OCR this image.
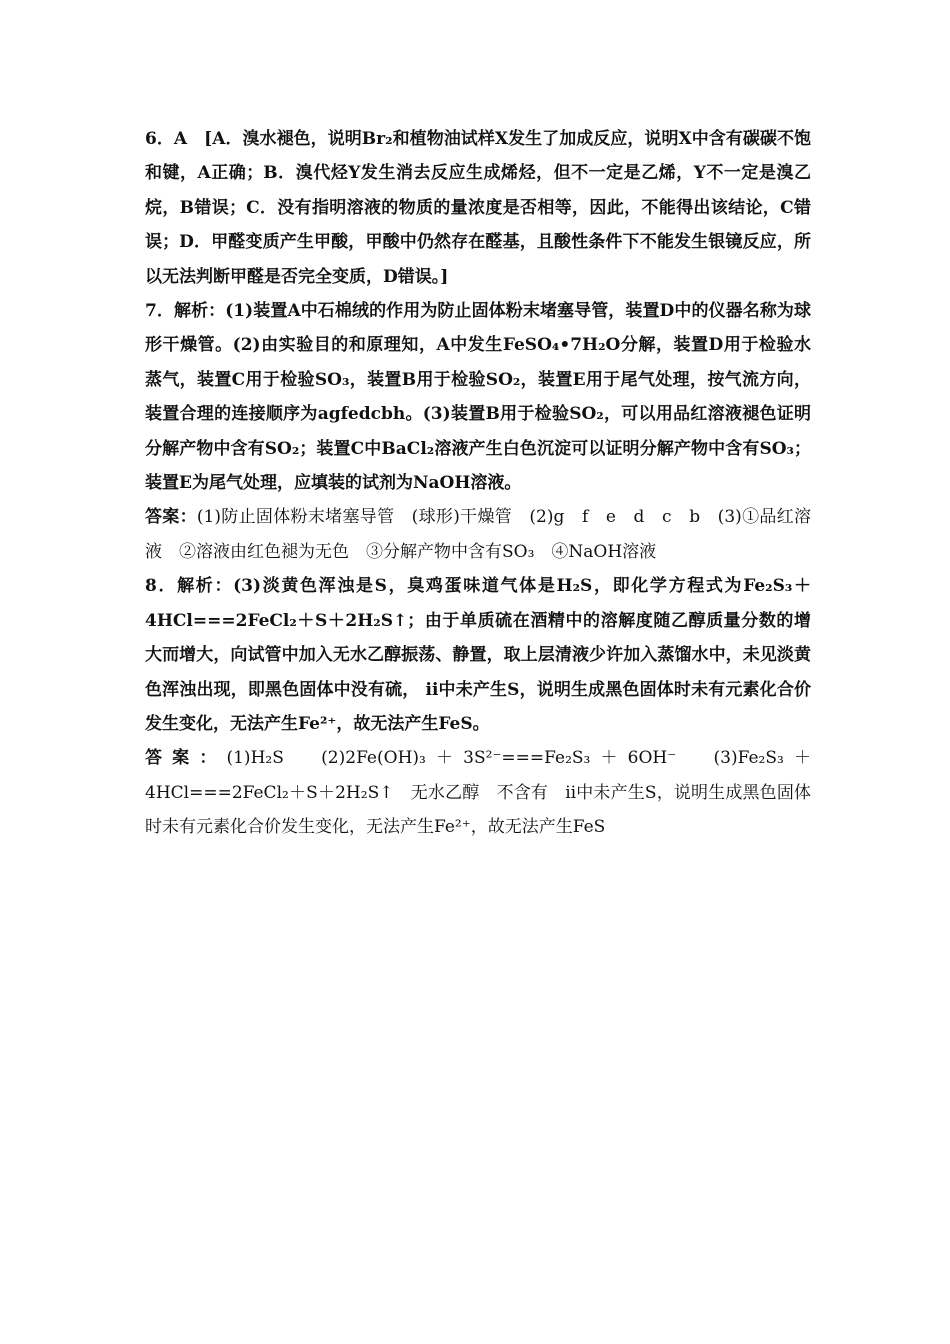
6．A　[A．溴水褪色，说明Br₂和植物油试样X发生了加成反应，说明X中含有碳碳不饱和键，A正确；B．溴代烃Y发生消去反应生成烯烃，但不一定是乙烯，Y不一定是溴乙烷，B错误；C．没有指明溶液的物质的量浓度是否相等，因此，不能得出该结论，C错误；D．甲醛变质产生甲酸，甲酸中仍然存在醛基，且酸性条件下不能发生银镜反应，所以无法判断甲醛是否完全变质，D错误。]

7．解析：(1)装置A中石棉绒的作用为防止固体粉末堵塞导管，装置D中的仪器名称为球形干燥管。(2)由实验目的和原理知，A中发生FeSO₄•7H₂O分解，装置D用于检验水蒸气，装置C用于检验SO₃，装置B用于检验SO₂，装置E用于尾气处理，按气流方向，装置合理的连接顺序为agfedcbh。(3)装置B用于检验SO₂，可以用品红溶液褪色证明分解产物中含有SO₂；装置C中BaCl₂溶液产生白色沉淀可以证明分解产物中含有SO₃；装置E为尾气处理，应填装的试剂为NaOH溶液。

答案：(1)防止固体粉末堵塞导管　(球形)干燥管　(2)g　f　e　d　c　b　(3)①品红溶液　②溶液由红色褪为无色　③分解产物中含有SO₃　④NaOH溶液

8．解析：(3)淡黄色浑浊是S，臭鸡蛋味道气体是H₂S，即化学方程式为Fe₂S₃＋4HCl===2FeCl₂＋S＋2H₂S↑；由于单质硫在酒精中的溶解度随乙醇质量分数的增大而增大，向试管中加入无水乙醇振荡、静置，取上层清液少许加入蒸馏水中，未见淡黄色浑浊出现，即黑色固体中没有硫， ⅱ中未产生S，说明生成黑色固体时未有元素化合价发生变化，无法产生Fe²⁺，故无法产生FeS。

答案：(1)H₂S　(2)2Fe(OH)₃＋3S²⁻===Fe₂S₃＋6OH⁻　(3)Fe₂S₃＋4HCl===2FeCl₂＋S＋2H₂S↑　无水乙醇　不含有　ⅱ中未产生S，说明生成黑色固体时未有元素化合价发生变化，无法产生Fe²⁺，故无法产生FeS
